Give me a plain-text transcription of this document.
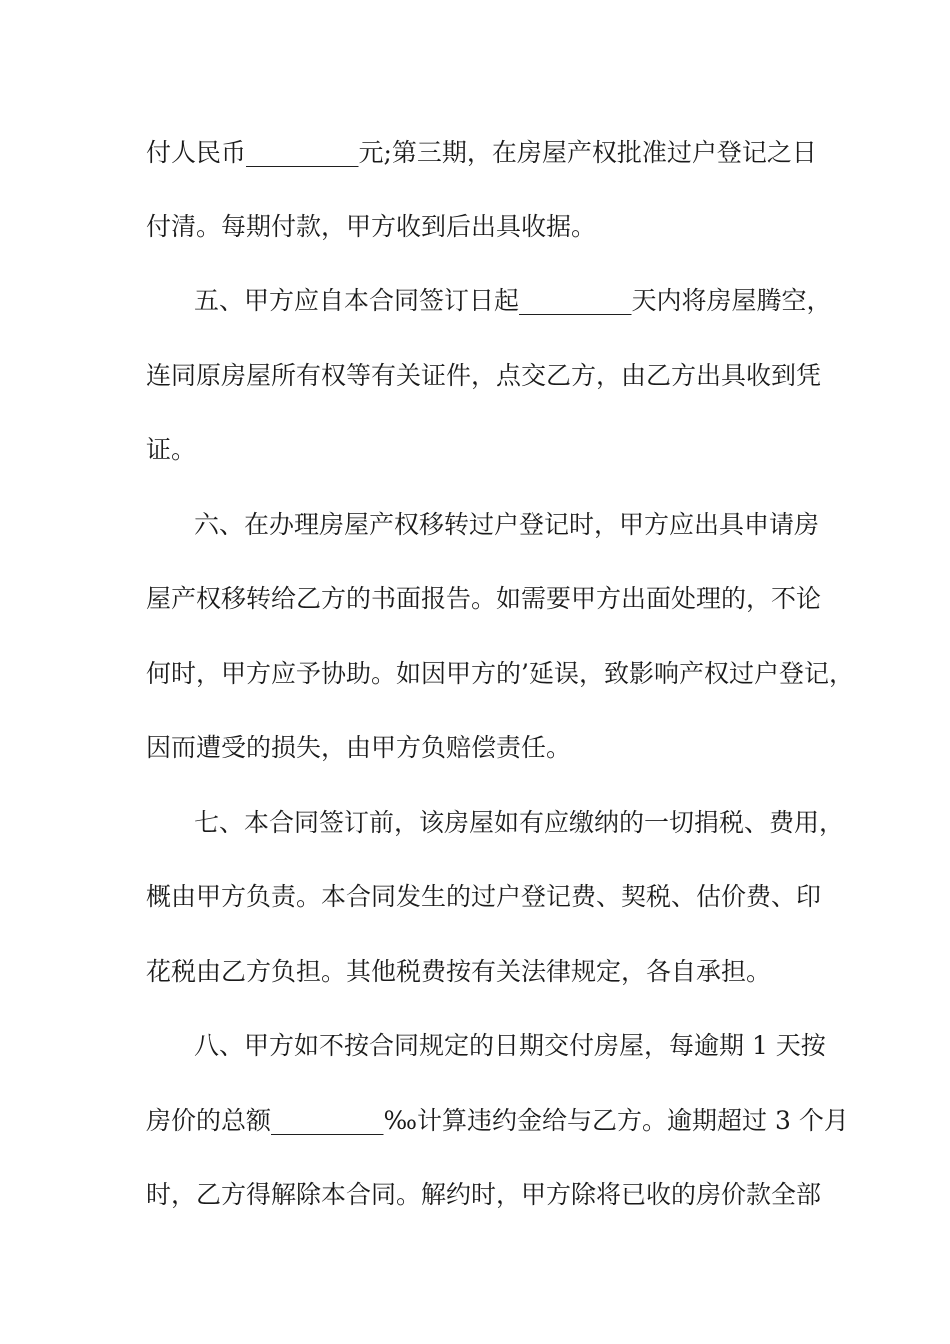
付人民币_________元;第三期，在房屋产权批准过户登记之日
付清。每期付款，甲方收到后出具收据。
五、甲方应自本合同签订日起_________天内将房屋腾空，
连同原房屋所有权等有关证件，点交乙方，由乙方出具收到凭
证。
六、在办理房屋产权移转过户登记时，甲方应出具申请房
屋产权移转给乙方的书面报告。如需要甲方出面处理的，不论
何时，甲方应予协助。如因甲方的’延误，致影响产权过户登记，
因而遭受的损失，由甲方负赔偿责任。
七、本合同签订前，该房屋如有应缴纳的一切捐税、费用，
概由甲方负责。本合同发生的过户登记费、契税、估价费、印
花税由乙方负担。其他税费按有关法律规定，各自承担。
八、甲方如不按合同规定的日期交付房屋，每逾期 1 天按
房价的总额_________‰计算违约金给与乙方。逾期超过 3 个月
时，乙方得解除本合同。解约时，甲方除将已收的房价款全部
